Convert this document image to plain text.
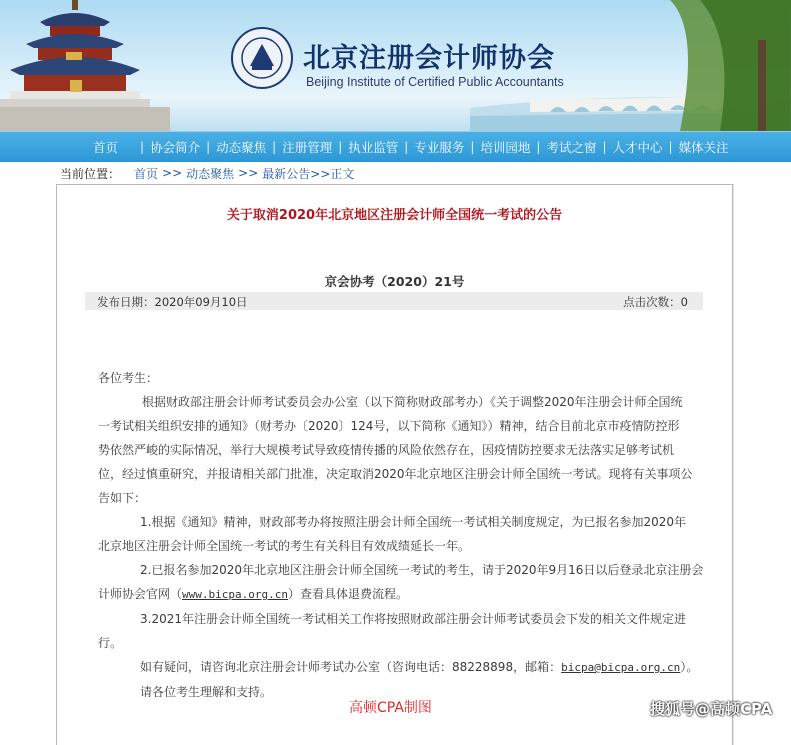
北京注册会计师协会
Beijing Institute of Certified Public Accountants
首页	| 协会简介 | 动态聚焦 | 注册管理 | 执业监管 | 专业服务 | 培训园地 | 考试之窗 | 人才中心 | 媒体关注
当前位置： 首页 >> 动态聚焦 >> 最新公告 >>正文
关于取消2020年北京地区注册会计师全国统一考试的公告
京会协考（2020）21号
发布日期：2020年09月10日	点击次数：0

各位考生：

根据财政部注册会计师考试委员会办公室（以下简称财政部考办）《关于调整2020年注册会计师全国统

一考试相关组织安排的通知》（财考办〔2020〕124号，以下简称《通知》）精神，结合目前北京市疫情防控形

势依然严峻的实际情况，举行大规模考试导致疫情传播的风险依然存在，因疫情防控要求无法落实足够考试机

位，经过慎重研究，并报请相关部门批准，决定取消2020年北京地区注册会计师全国统一考试。现将有关事项公

告如下：

1.根据《通知》精神，财政部考办将按照注册会计师全国统一考试相关制度规定，为已报名参加2020年

北京地区注册会计师全国统一考试的考生有关科目有效成绩延长一年。

2.已报名参加2020年北京地区注册会计师全国统一考试的考生，请于2020年9月16日以后登录北京注册会

计师协会官网（www.bicpa.org.cn）查看具体退费流程。

3.2021年注册会计师全国统一考试相关工作将按照财政部注册会计师考试委员会下发的相关文件规定进

行。

如有疑问，请咨询北京注册会计师考试办公室（咨询电话：88228898，邮箱：bicpa@bicpa.org.cn）。

请各位考生理解和支持。

高顿CPA制图	搜狐号@高顿CPA
